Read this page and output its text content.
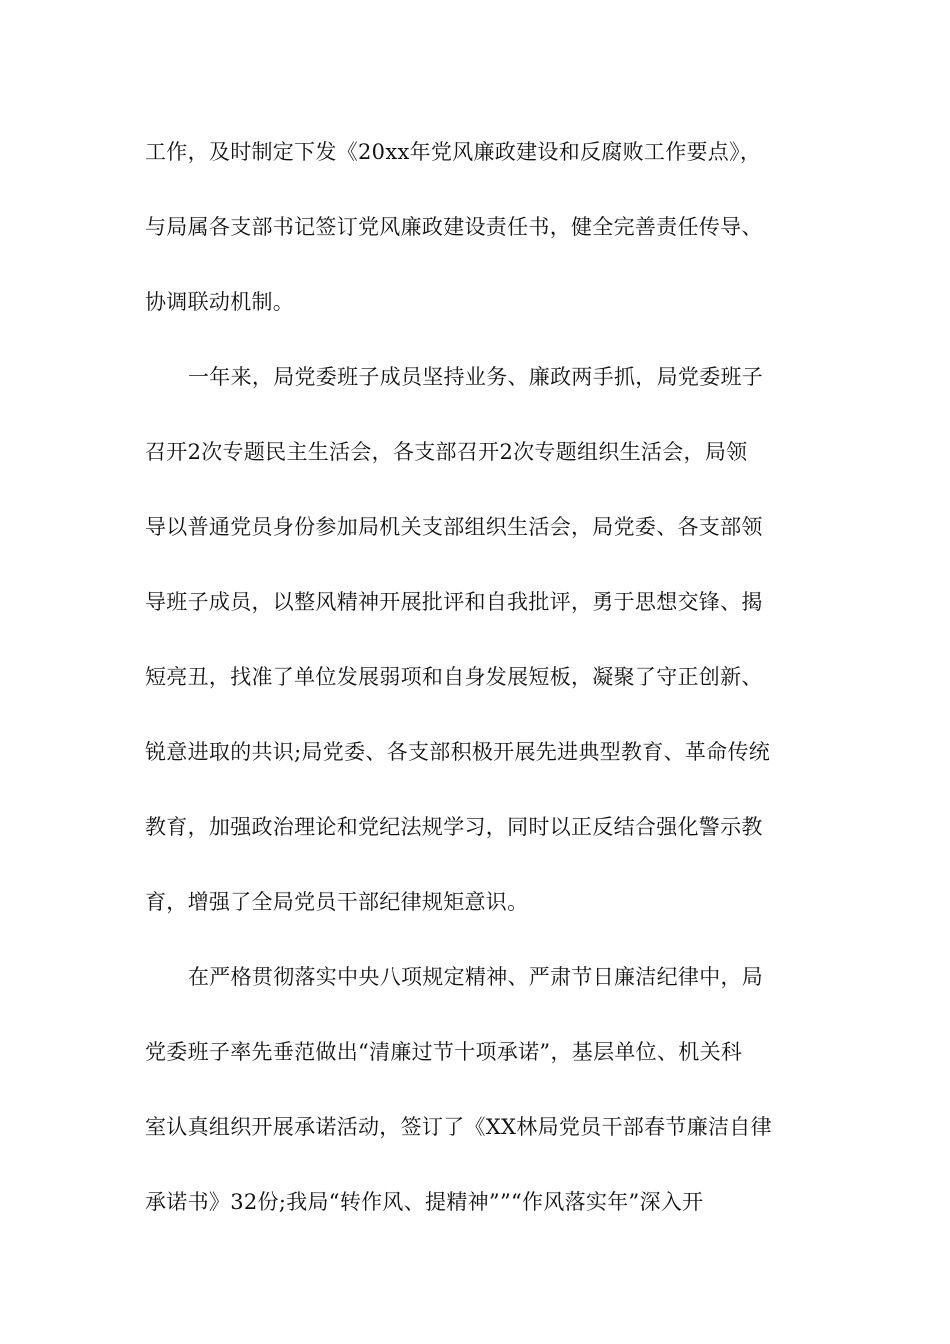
工作，及时制定下发《20xx年党风廉政建设和反腐败工作要点》，
与局属各支部书记签订党风廉政建设责任书，健全完善责任传导、
协调联动机制。
一年来，局党委班子成员坚持业务、廉政两手抓，局党委班子
召开2次专题民主生活会，各支部召开2次专题组织生活会，局领
导以普通党员身份参加局机关支部组织生活会，局党委、各支部领
导班子成员，以整风精神开展批评和自我批评，勇于思想交锋、揭
短亮丑，找准了单位发展弱项和自身发展短板，凝聚了守正创新、
锐意进取的共识;局党委、各支部积极开展先进典型教育、革命传统
教育，加强政治理论和党纪法规学习，同时以正反结合强化警示教
育，增强了全局党员干部纪律规矩意识。
在严格贯彻落实中央八项规定精神、严肃节日廉洁纪律中，局
党委班子率先垂范做出“清廉过节十项承诺”，基层单位、机关科
室认真组织开展承诺活动，签订了《XX林局党员干部春节廉洁自律
承诺书》32份;我局“转作风、提精神””“作风落实年”深入开
